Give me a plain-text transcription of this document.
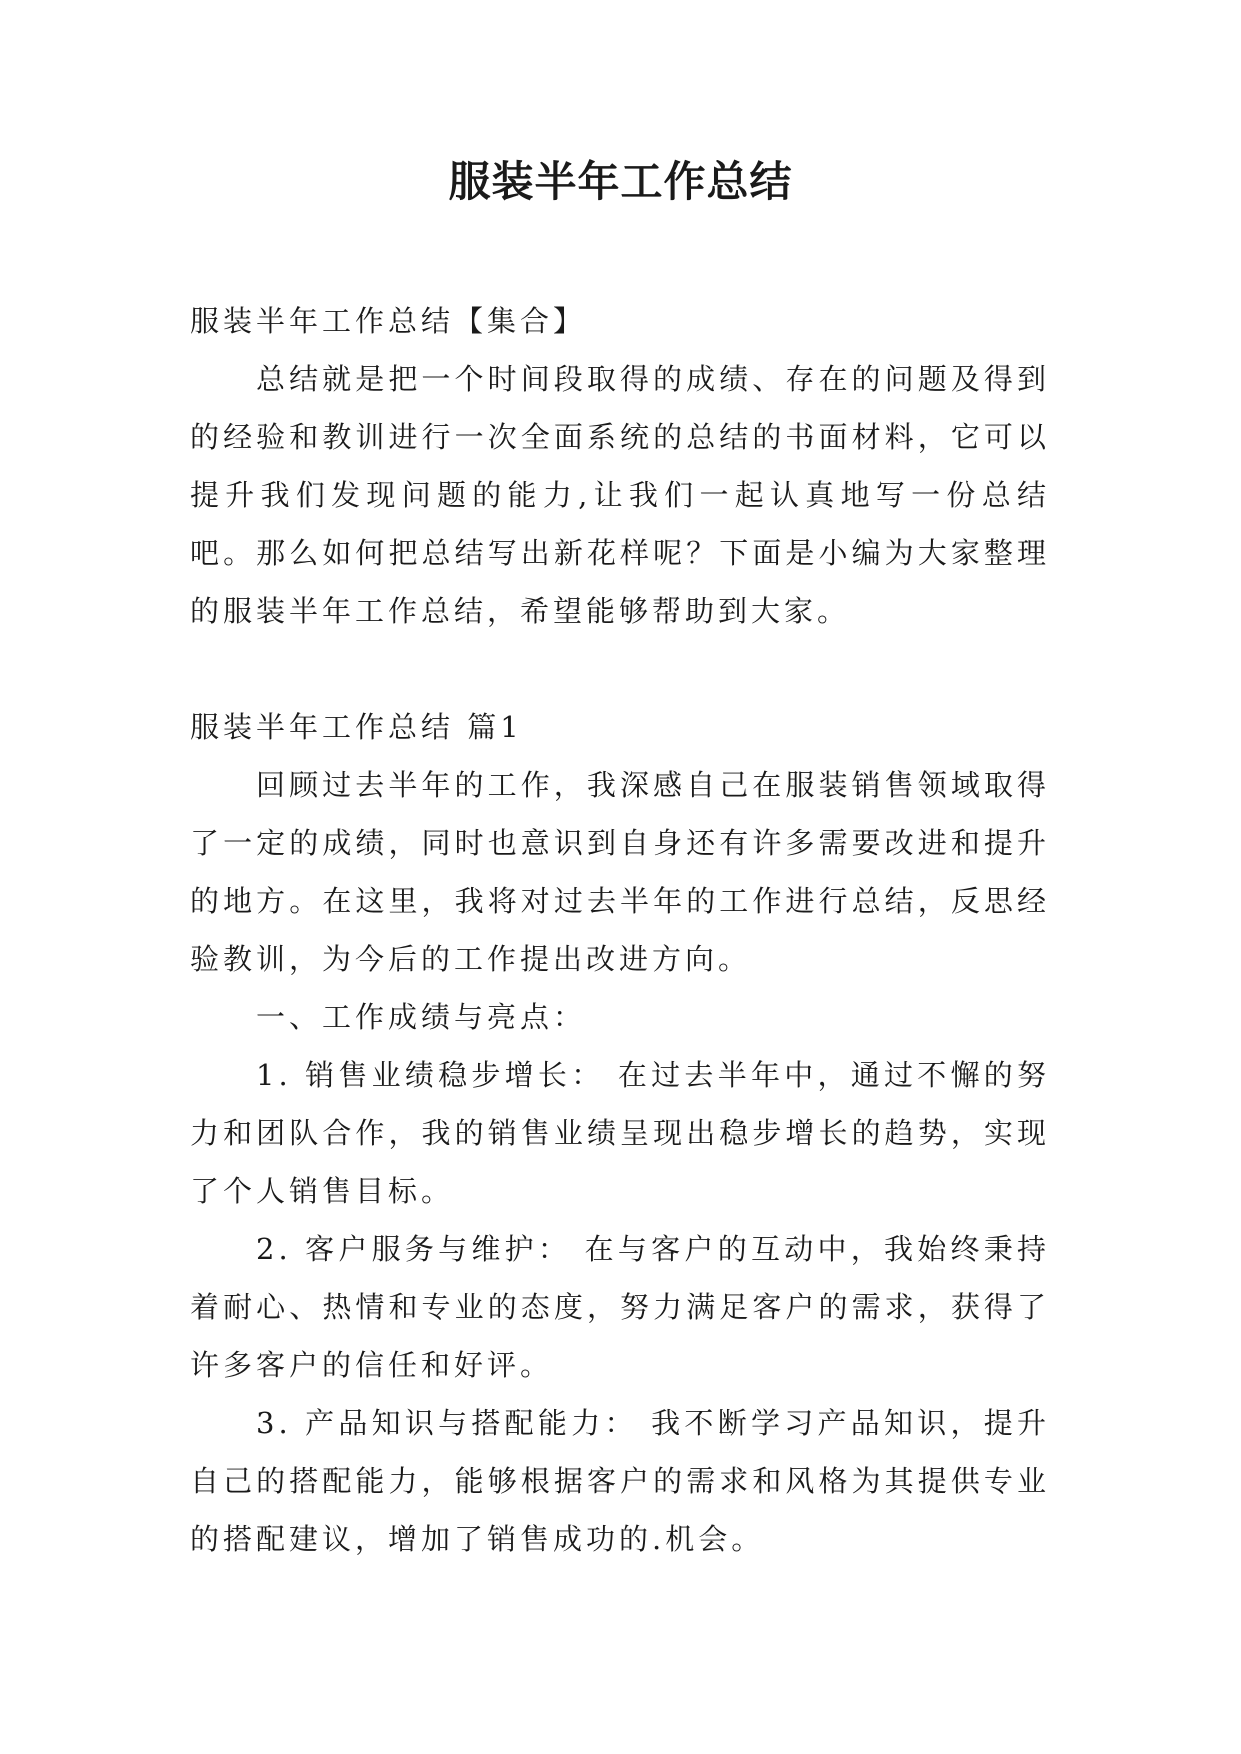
服装半年工作总结

服装半年工作总结【集合】

总结就是把一个时间段取得的成绩、存在的问题及得到的经验和教训进行一次全面系统的总结的书面材料，它可以提升我们发现问题的能力,让我们一起认真地写一份总结吧。那么如何把总结写出新花样呢？下面是小编为大家整理的服装半年工作总结，希望能够帮助到大家。

服装半年工作总结 篇1

回顾过去半年的工作，我深感自己在服装销售领域取得了一定的成绩，同时也意识到自身还有许多需要改进和提升的地方。在这里，我将对过去半年的工作进行总结，反思经验教训，为今后的工作提出改进方向。

一、工作成绩与亮点：

1. 销售业绩稳步增长： 在过去半年中，通过不懈的努力和团队合作，我的销售业绩呈现出稳步增长的趋势，实现了个人销售目标。

2. 客户服务与维护： 在与客户的互动中，我始终秉持着耐心、热情和专业的态度，努力满足客户的需求，获得了许多客户的信任和好评。

3. 产品知识与搭配能力： 我不断学习产品知识，提升自己的搭配能力，能够根据客户的需求和风格为其提供专业的搭配建议，增加了销售成功的.机会。
